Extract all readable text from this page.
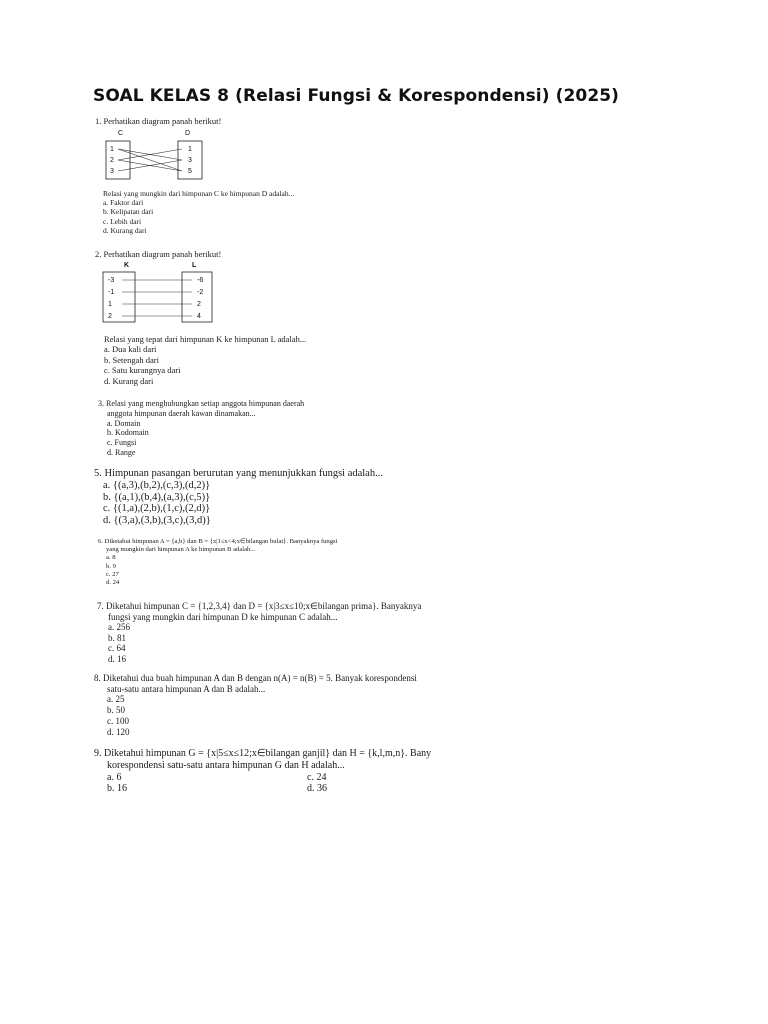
SOAL KELAS 8 (Relasi Fungsi & Korespondensi) (2025)
1. Perhatikan diagram panah berikut!
C	D
1
2
3
1
3
5
Relasi yang mungkin dari himpunan C ke himpunan D adalah...
a. Faktor dari
b. Kelipatan dari
c. Lebih dari
d. Kurang dari
2. Perhatikan diagram panah berikut!
K	L
-3
-1
1
2
-6
-2
2
4
Relasi yang tepat dari himpunan K ke himpunan L adalah...
a. Dua kali dari
b. Setengah dari
c. Satu kurangnya dari
d. Kurang dari
3. Relasi yang menghubungkan setiap anggota himpunan daerah
anggota himpunan daerah kawan dinamakan...
a. Domain
b. Kodomain
c. Fungsi
d. Range
5. Himpunan pasangan berurutan yang menunjukkan fungsi adalah...
a. {(a,3),(b,2),(c,3),(d,2)}
b. {(a,1),(b,4),(a,3),(c,5)}
c. {(1,a),(2,b),(1,c),(2,d)}
d. {(3,a),(3,b),(3,c),(3,d)}
6. Diketahui himpunan A = {a,b} dan B = {x|1≤x<4;x∈bilangan bulat}. Banyaknya fungsi
yang mungkin dari himpunan A ke himpunan B adalah...
a. 8
b. 9
c. 27
d. 24
7. Diketahui himpunan C = {1,2,3,4} dan D = {x|3≤x≤10;x∈bilangan prima}. Banyaknya
fungsi yang mungkin dari himpunan D ke himpunan C adalah...
a. 256
b. 81
c. 64
d. 16
8. Diketahui dua buah himpunan A dan B dengan n(A) = n(B) = 5. Banyak korespondensi
satu-satu antara himpunan A dan B adalah...
a. 25
b. 50
c. 100
d. 120
9. Diketahui himpunan G = {x|5≤x≤12;x∈bilangan ganjil} dan H = {k,l,m,n}. Bany
korespondensi satu-satu antara himpunan G dan H adalah...
a. 6
b. 16
c. 24
d. 36
